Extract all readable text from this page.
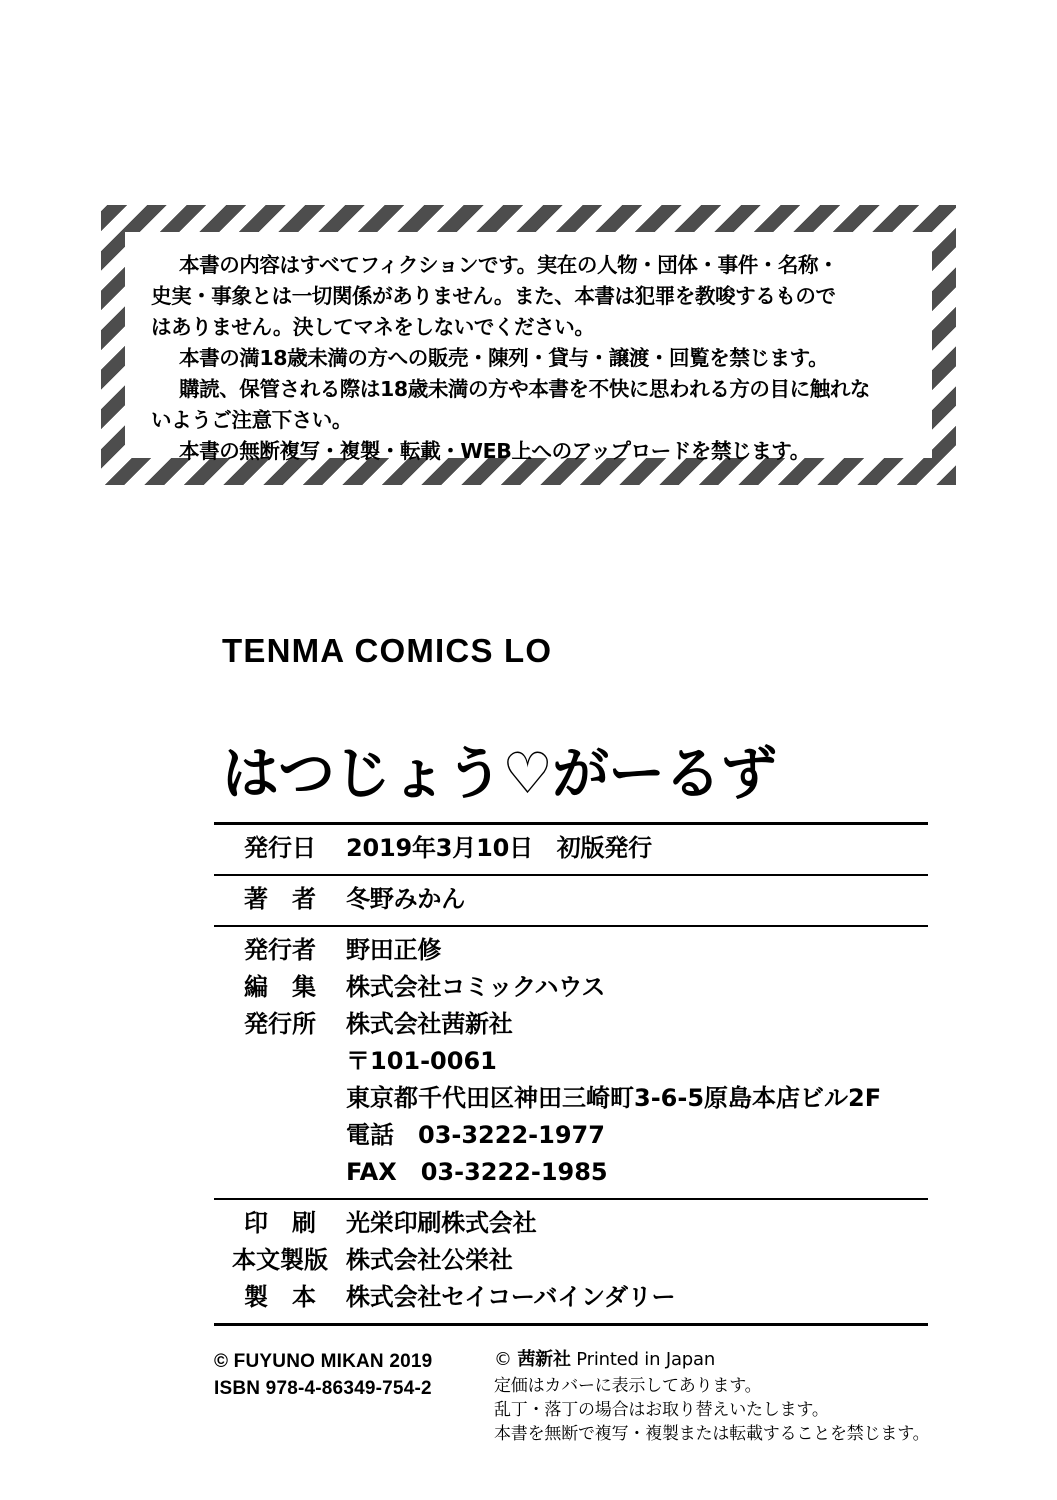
本書の内容はすべてフィクションです。実在の人物・団体・事件・名称・
史実・事象とは一切関係がありません。また、本書は犯罪を教唆するもので
はありません。決してマネをしないでください。
本書の満18歳未満の方への販売・陳列・貸与・譲渡・回覧を禁じます。
購読、保管される際は18歳未満の方や本書を不快に思われる方の目に触れな
いようご注意下さい。
本書の無断複写・複製・転載・WEB上へのアップロードを禁じます。
TENMA COMICS LO
はつじょう♡がーるず
発行日	2019年3月10日　初版発行
著　者	冬野みかん
発行者	野田正修
編　集	株式会社コミックハウス
発行所	株式会社茜新社
〒101-0061
東京都千代田区神田三崎町3-6-5原島本店ビル2F
電話　03-3222-1977
FAX　03-3222-1985
印　刷	光栄印刷株式会社
本文製版 株式会社公栄社
製　本	株式会社セイコーバインダリー
© FUYUNO MIKAN 2019
ISBN 978-4-86349-754-2
© 茜新社 Printed in Japan
定価はカバーに表示してあります。
乱丁・落丁の場合はお取り替えいたします。
本書を無断で複写・複製または転載することを禁じます。
